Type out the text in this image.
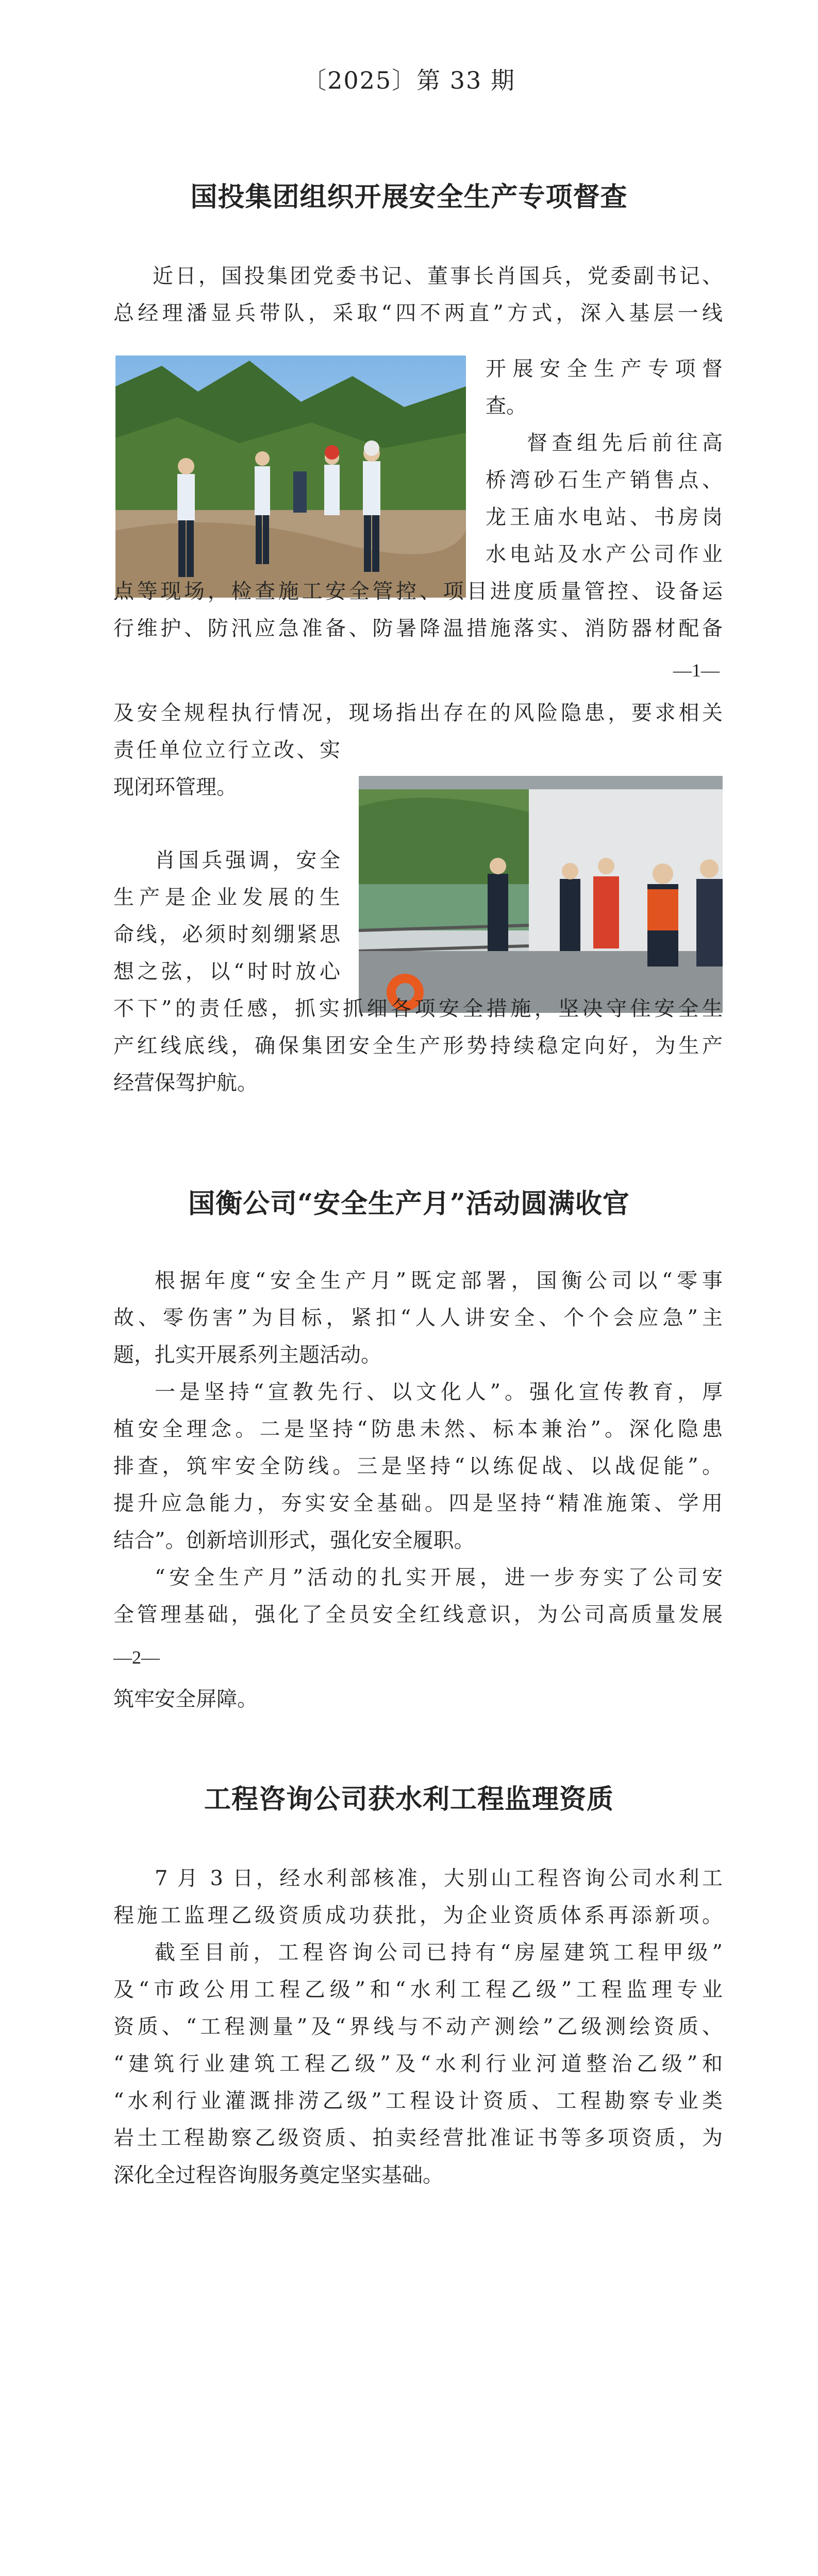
〔2025〕第 33 期
国投集团组织开展安全生产专项督查
近日，国投集团党委书记、董事长肖国兵，党委副书记、
总经理潘显兵带队，采取“四不两直”方式，深入基层一线
开展安全生产专项督
查。
督查组先后前往高
桥湾砂石生产销售点、
龙王庙水电站、书房岗
水电站及水产公司作业
点等现场，检查施工安全管控、项目进度质量管控、设备运
行维护、防汛应急准备、防暑降温措施落实、消防器材配备
—1—
及安全规程执行情况，现场指出存在的风险隐患，要求相关
责任单位立行立改、实
现闭环管理。
肖国兵强调，安全
生产是企业发展的生
命线，必须时刻绷紧思
想之弦，以“时时放心
不下”的责任感，抓实抓细各项安全措施，坚决守住安全生
产红线底线，确保集团安全生产形势持续稳定向好，为生产
经营保驾护航。
国衡公司“安全生产月”活动圆满收官
根据年度“安全生产月”既定部署，国衡公司以“零事
故、零伤害”为目标，紧扣“人人讲安全、个个会应急”主
题，扎实开展系列主题活动。
一是坚持“宣教先行、以文化人”。强化宣传教育，厚
植安全理念。二是坚持“防患未然、标本兼治”。深化隐患
排查，筑牢安全防线。三是坚持“以练促战、以战促能”。
提升应急能力，夯实安全基础。四是坚持“精准施策、学用
结合”。创新培训形式，强化安全履职。
“安全生产月”活动的扎实开展，进一步夯实了公司安
全管理基础，强化了全员安全红线意识，为公司高质量发展
—2—
筑牢安全屏障。
工程咨询公司获水利工程监理资质
7 月 3 日，经水利部核准，大别山工程咨询公司水利工
程施工监理乙级资质成功获批，为企业资质体系再添新项。
截至目前，工程咨询公司已持有“房屋建筑工程甲级”
及“市政公用工程乙级”和“水利工程乙级”工程监理专业
资质、“工程测量”及“界线与不动产测绘”乙级测绘资质、
“建筑行业建筑工程乙级”及“水利行业河道整治乙级”和
“水利行业灌溉排涝乙级”工程设计资质、工程勘察专业类
岩土工程勘察乙级资质、拍卖经营批准证书等多项资质，为
深化全过程咨询服务奠定坚实基础。
